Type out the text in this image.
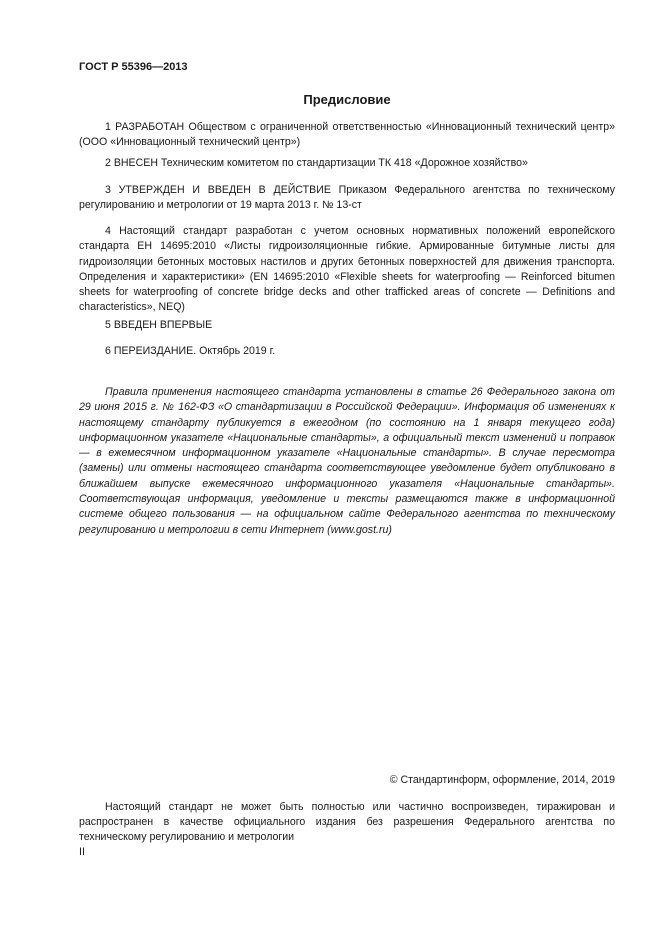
ГОСТ Р 55396—2013
Предисловие

1 РАЗРАБОТАН Обществом с ограниченной ответственностью «Инновационный технический центр» (ООО «Инновационный технический центр»)

2 ВНЕСЕН Техническим комитетом по стандартизации ТК 418 «Дорожное хозяйство»

3 УТВЕРЖДЕН И ВВЕДЕН В ДЕЙСТВИЕ Приказом Федерального агентства по техническому регулированию и метрологии от 19 марта 2013 г. № 13-ст

4 Настоящий стандарт разработан с учетом основных нормативных положений европейского стандарта ЕН 14695:2010 «Листы гидроизоляционные гибкие. Армированные битумные листы для гидроизоляции бетонных мостовых настилов и других бетонных поверхностей для движения транспорта. Определения и характеристики» (EN 14695:2010 «Flexible sheets for waterproofing — Reinforced bitumen sheets for waterproofing of concrete bridge decks and other trafficked areas of concrete — Definitions and characteristics», NEQ)

5 ВВЕДЕН ВПЕРВЫЕ

6 ПЕРЕИЗДАНИЕ. Октябрь 2019 г.

Правила применения настоящего стандарта установлены в статье 26 Федерального закона от 29 июня 2015 г. № 162-ФЗ «О стандартизации в Российской Федерации». Информация об изменениях к настоящему стандарту публикуется в ежегодном (по состоянию на 1 января текущего года) информационном указателе «Национальные стандарты», а официальный текст изменений и поправок — в ежемесячном информационном указателе «Национальные стандарты». В случае пересмотра (замены) или отмены настоящего стандарта соответствующее уведомление будет опубликовано в ближайшем выпуске ежемесячного информационного указателя «Национальные стандарты». Соответствующая информация, уведомление и тексты размещаются также в информационной системе общего пользования — на официальном сайте Федерального агентства по техническому регулированию и метрологии в сети Интернет (www.gost.ru)

© Стандартинформ, оформление, 2014, 2019

Настоящий стандарт не может быть полностью или частично воспроизведен, тиражирован и распространен в качестве официального издания без разрешения Федерального агентства по техническому регулированию и метрологии

II
